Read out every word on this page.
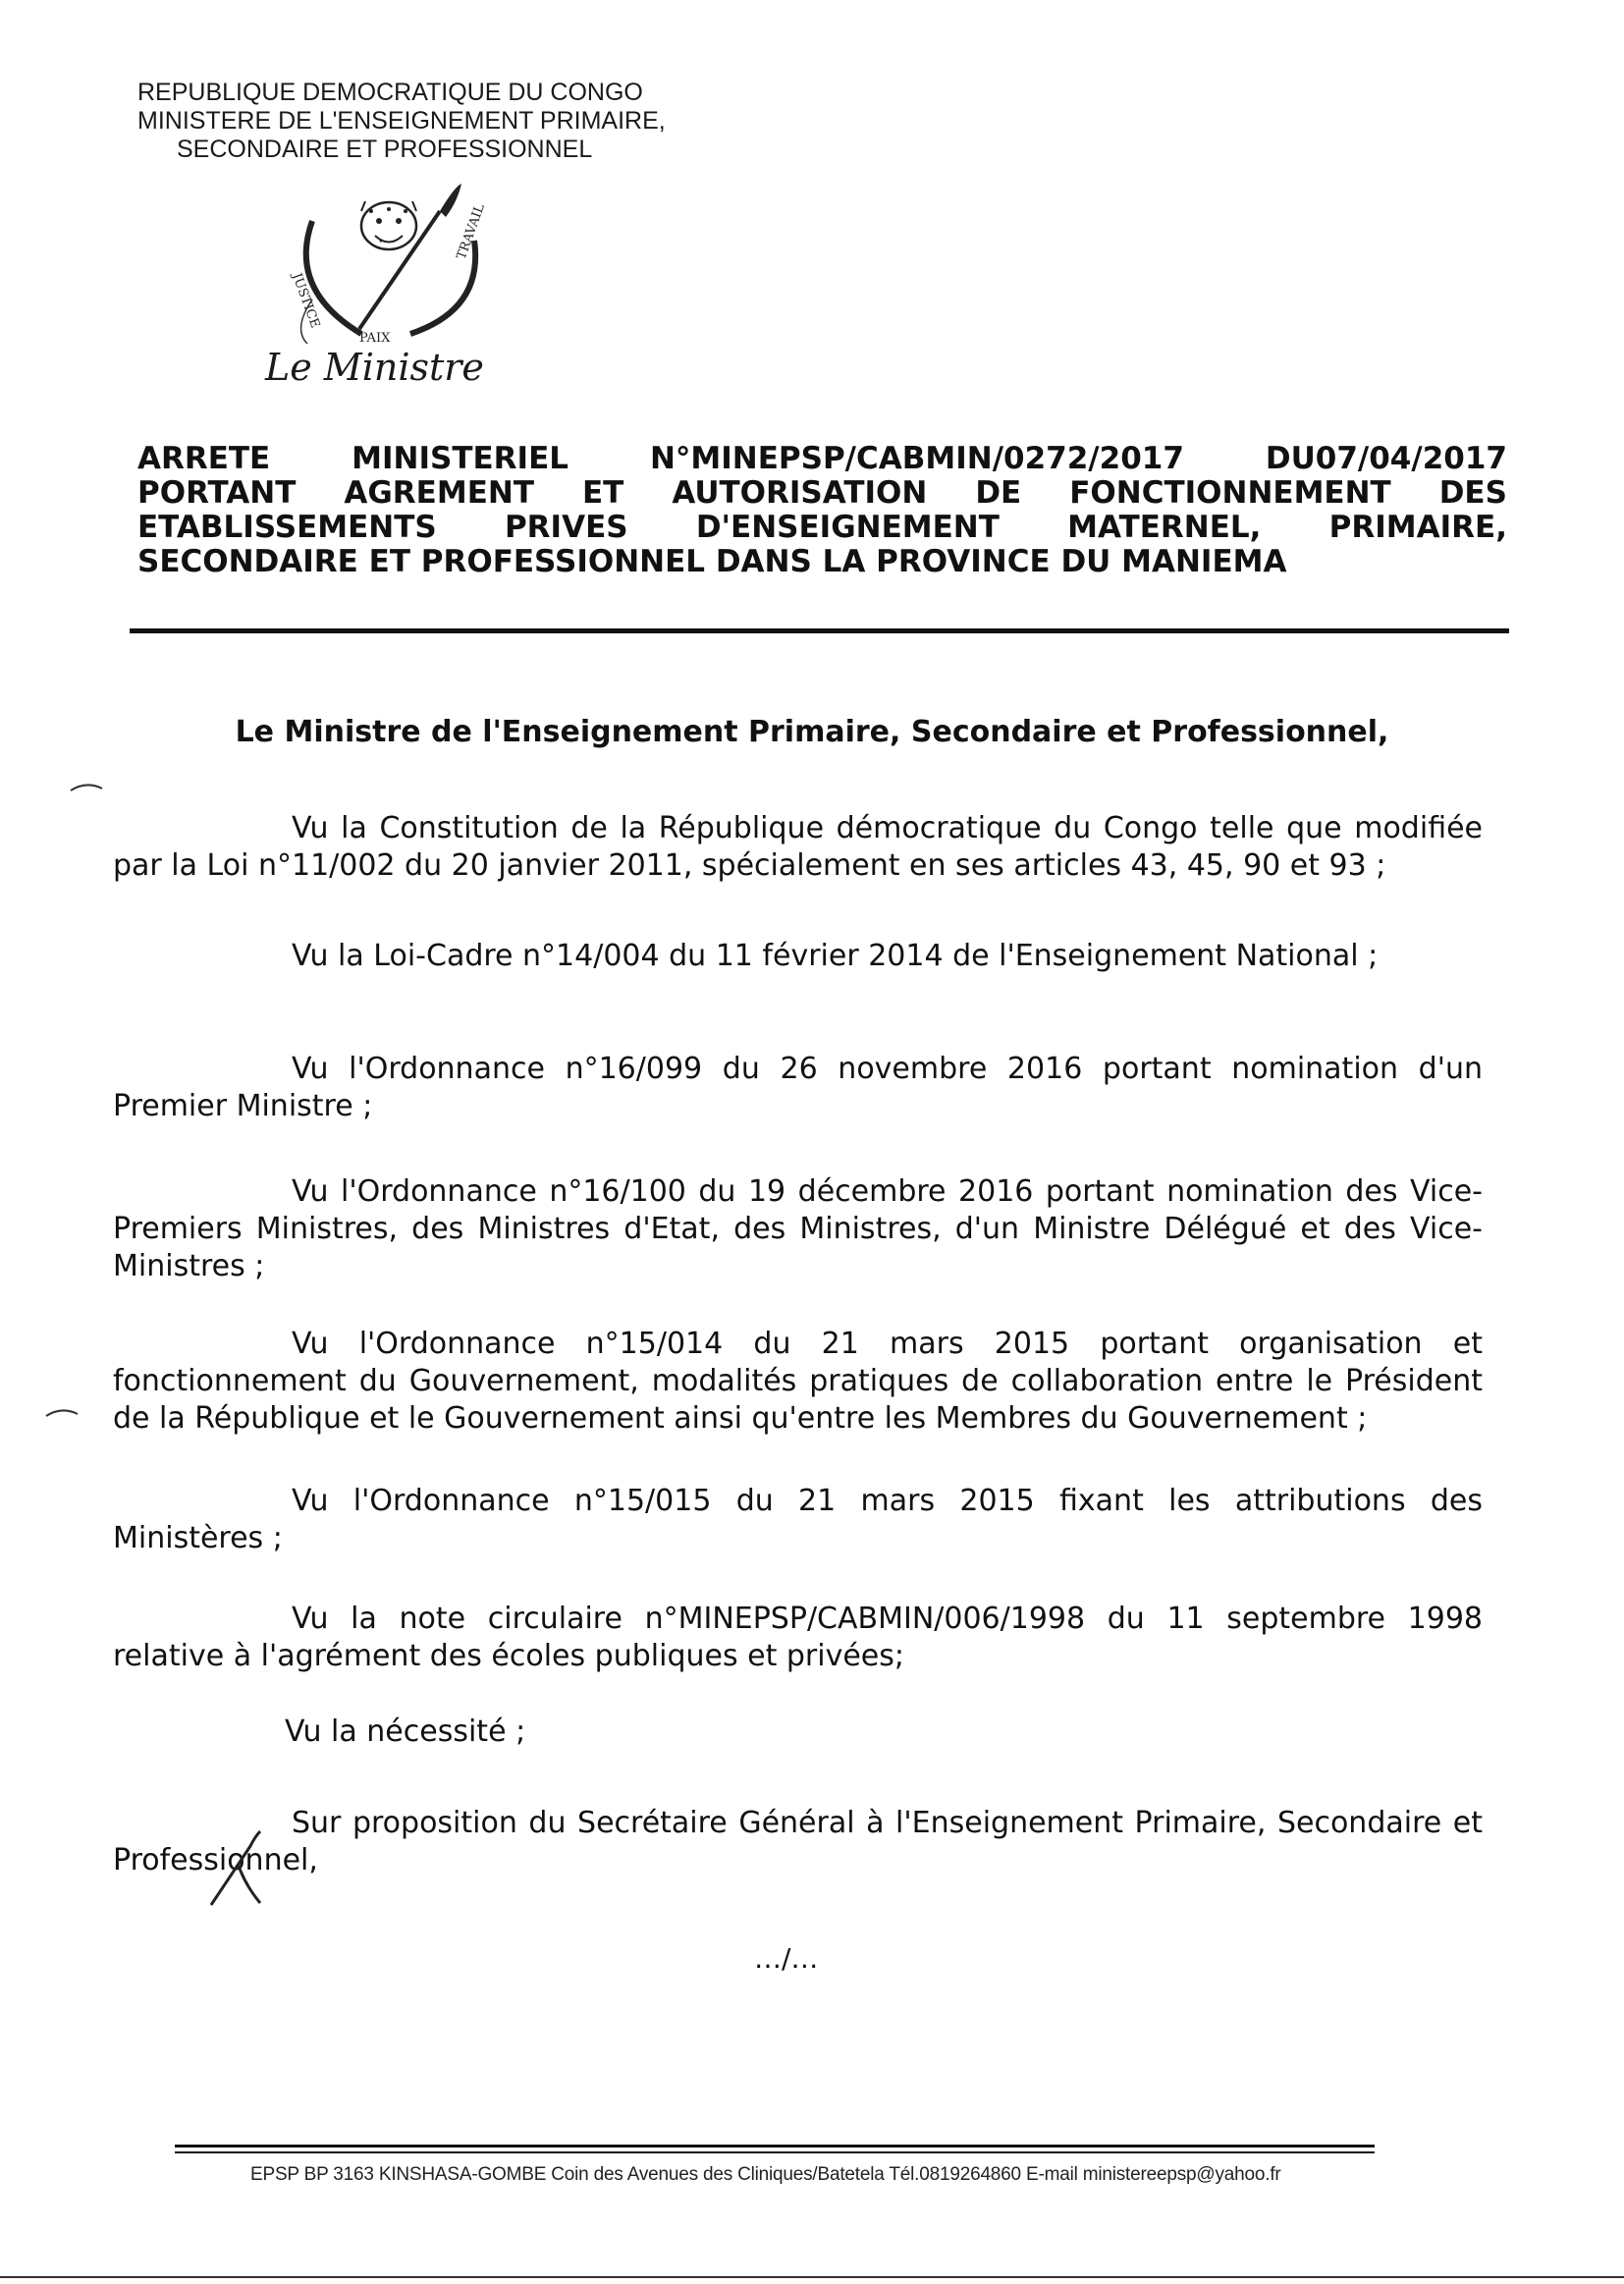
REPUBLIQUE DEMOCRATIQUE DU CONGO
MINISTERE DE L'ENSEIGNEMENT PRIMAIRE,
SECONDAIRE ET PROFESSIONNEL
JUSTICE
PAIX
TRAVAIL
Le Ministre
ARRETE	MINISTERIEL	N°MINEPSP/CABMIN/0272/2017	DU07/04/2017
PORTANT AGREMENT ET AUTORISATION DE FONCTIONNEMENT DES
ETABLISSEMENTS PRIVES D'ENSEIGNEMENT MATERNEL, PRIMAIRE,
SECONDAIRE ET PROFESSIONNEL DANS LA PROVINCE DU MANIEMA
Le Ministre de l'Enseignement Primaire, Secondaire et Professionnel,
Vu la Constitution de la République démocratique du Congo telle que modifiée par la Loi n°11/002 du 20 janvier 2011, spécialement en ses articles 43, 45, 90 et 93 ;
Vu la Loi-Cadre n°14/004 du 11 février 2014 de l'Enseignement National ;
Vu l'Ordonnance n°16/099 du 26 novembre 2016 portant nomination d'un Premier Ministre ;
Vu l'Ordonnance n°16/100 du 19 décembre 2016 portant nomination des Vice-Premiers Ministres, des Ministres d'Etat, des Ministres, d'un Ministre Délégué et des Vice-Ministres ;
Vu l'Ordonnance n°15/014 du 21 mars 2015 portant organisation et fonctionnement du Gouvernement, modalités pratiques de collaboration entre le Président de la République et le Gouvernement ainsi qu'entre les Membres du Gouvernement ;
Vu l'Ordonnance n°15/015 du 21 mars 2015 fixant les attributions des Ministères ;
Vu la note circulaire n°MINEPSP/CABMIN/006/1998 du 11 septembre 1998 relative à l'agrément des écoles publiques et privées;
Vu la nécessité ;
Sur proposition du Secrétaire Général à l'Enseignement Primaire, Secondaire et Professionnel,
…/…
EPSP BP 3163 KINSHASA-GOMBE Coin des Avenues des Cliniques/Batetela Tél.0819264860 E-mail ministereepsp@yahoo.fr
